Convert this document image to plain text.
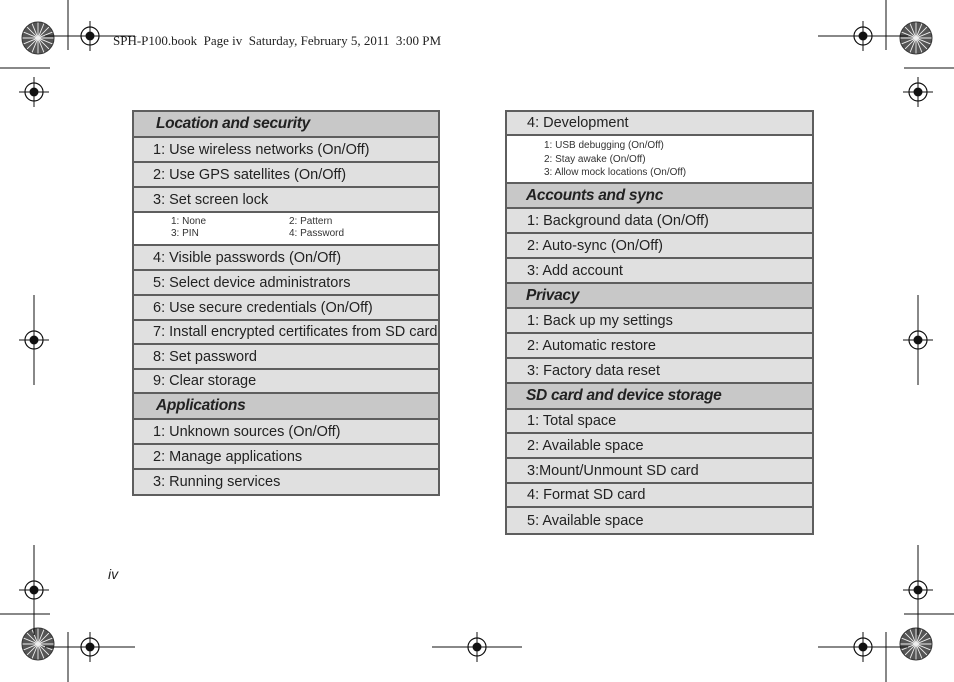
SPH-P100.book  Page iv  Saturday, February 5, 2011  3:00 PM
Location and security
1: Use wireless networks (On/Off)
2: Use GPS satellites (On/Off)
3: Set screen lock
1: None	2: Pattern
3: PIN	4: Password
4: Visible passwords (On/Off)
5: Select device administrators
6: Use secure credentials (On/Off)
7: Install encrypted certificates from SD card
8: Set password
9: Clear storage
Applications
1: Unknown sources (On/Off)
2: Manage applications
3: Running services
4: Development
1: USB debugging (On/Off)
2: Stay awake (On/Off)
3: Allow mock locations (On/Off)
Accounts and sync
1: Background data (On/Off)
2: Auto-sync (On/Off)
3: Add account
Privacy
1: Back up my settings
2: Automatic restore
3: Factory data reset
SD card and device storage
1: Total space
2: Available space
3:Mount/Unmount SD card
4: Format SD card
5: Available space
iv
